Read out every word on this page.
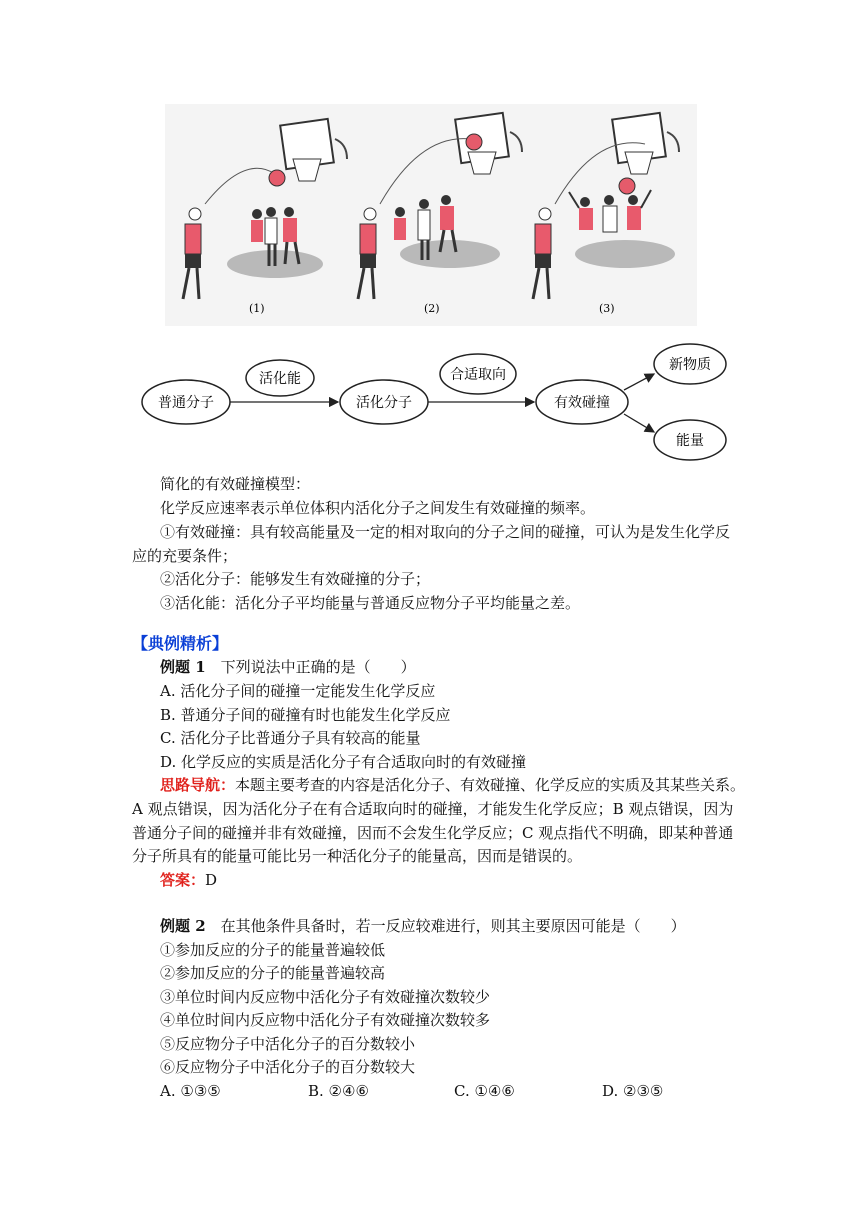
(1)	(2)	(3)
普通分子
活化能
活化分子
合适取向
有效碰撞
新物质
能量
简化的有效碰撞模型：
化学反应速率表示单位体积内活化分子之间发生有效碰撞的频率。
①有效碰撞：具有较高能量及一定的相对取向的分子之间的碰撞，可认为是发生化学反
应的充要条件；
②活化分子：能够发生有效碰撞的分子；
③活化能：活化分子平均能量与普通反应物分子平均能量之差。
【典例精析】
例题 1　下列说法中正确的是（　　）
A. 活化分子间的碰撞一定能发生化学反应
B. 普通分子间的碰撞有时也能发生化学反应
C. 活化分子比普通分子具有较高的能量
D. 化学反应的实质是活化分子有合适取向时的有效碰撞
思路导航：本题主要考查的内容是活化分子、有效碰撞、化学反应的实质及其某些关系。
A 观点错误，因为活化分子在有合适取向时的碰撞，才能发生化学反应；B 观点错误，因为
普通分子间的碰撞并非有效碰撞，因而不会发生化学反应；C 观点指代不明确，即某种普通
分子所具有的能量可能比另一种活化分子的能量高，因而是错误的。
答案：D
例题 2　在其他条件具备时，若一反应较难进行，则其主要原因可能是（　　）
①参加反应的分子的能量普遍较低
②参加反应的分子的能量普遍较高
③单位时间内反应物中活化分子有效碰撞次数较少
④单位时间内反应物中活化分子有效碰撞次数较多
⑤反应物分子中活化分子的百分数较小
⑥反应物分子中活化分子的百分数较大
A. ①③⑤	B. ②④⑥	C. ①④⑥	D. ②③⑤
